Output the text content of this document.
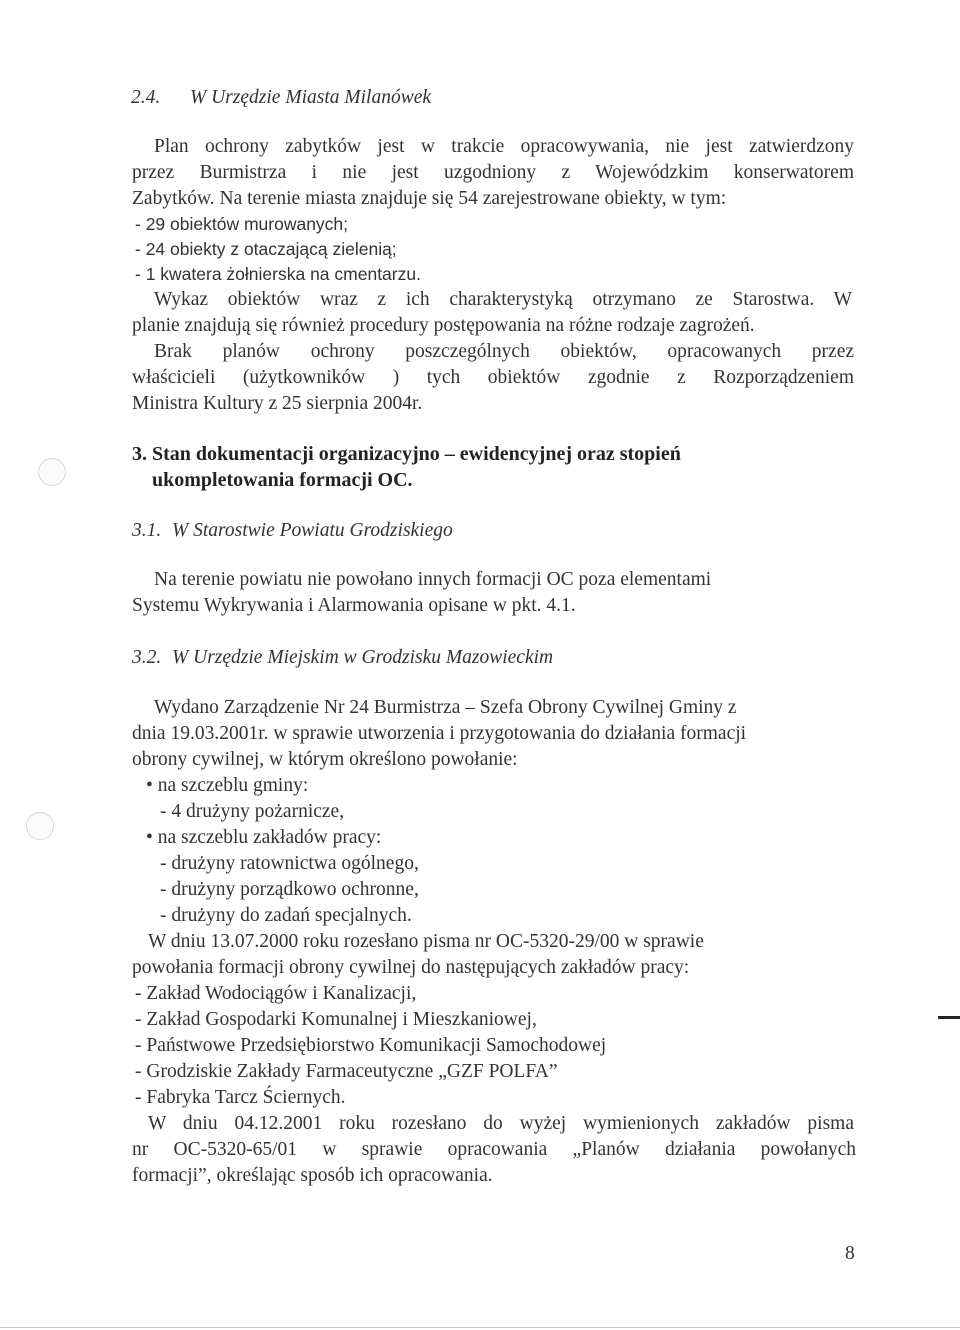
2.4. W Urzędzie Miasta Milanówek
Plan ochrony zabytków jest w trakcie opracowywania, nie jest zatwierdzony
przez Burmistrza i nie jest uzgodniony z Wojewódzkim konserwatorem
Zabytków. Na terenie miasta znajduje się 54 zarejestrowane obiekty, w tym:
- 29 obiektów murowanych;
- 24 obiekty z otaczającą zielenią;
- 1 kwatera żołnierska na cmentarzu.
Wykaz obiektów wraz z ich charakterystyką otrzymano ze Starostwa. W
planie znajdują się również procedury postępowania na różne rodzaje zagrożeń.
Brak planów ochrony poszczególnych obiektów, opracowanych przez
właścicieli (użytkowników ) tych obiektów zgodnie z Rozporządzeniem
Ministra Kultury z 25 sierpnia 2004r.
3. Stan dokumentacji organizacyjno – ewidencyjnej oraz stopień
ukompletowania formacji OC.
3.1. W Starostwie Powiatu Grodziskiego
Na terenie powiatu nie powołano innych formacji OC poza elementami
Systemu Wykrywania i Alarmowania opisane w pkt. 4.1.
3.2. W Urzędzie Miejskim w Grodzisku Mazowieckim
Wydano Zarządzenie Nr 24 Burmistrza – Szefa Obrony Cywilnej Gminy z
dnia 19.03.2001r. w sprawie utworzenia i przygotowania do działania formacji
obrony cywilnej, w którym określono powołanie:
• na szczeblu gminy:
- 4 drużyny pożarnicze,
• na szczeblu zakładów pracy:
- drużyny ratownictwa ogólnego,
- drużyny porządkowo ochronne,
- drużyny do zadań specjalnych.
W dniu 13.07.2000 roku rozesłano pisma nr OC-5320-29/00 w sprawie
powołania formacji obrony cywilnej do następujących zakładów pracy:
- Zakład Wodociągów i Kanalizacji,
- Zakład Gospodarki Komunalnej i Mieszkaniowej,
- Państwowe Przedsiębiorstwo Komunikacji Samochodowej
- Grodziskie Zakłady Farmaceutyczne „GZF POLFA”
- Fabryka Tarcz Ściernych.
W dniu 04.12.2001 roku rozesłano do wyżej wymienionych zakładów pisma
nr OC-5320-65/01 w sprawie opracowania „Planów działania powołanych
formacji”, określając sposób ich opracowania.
8
